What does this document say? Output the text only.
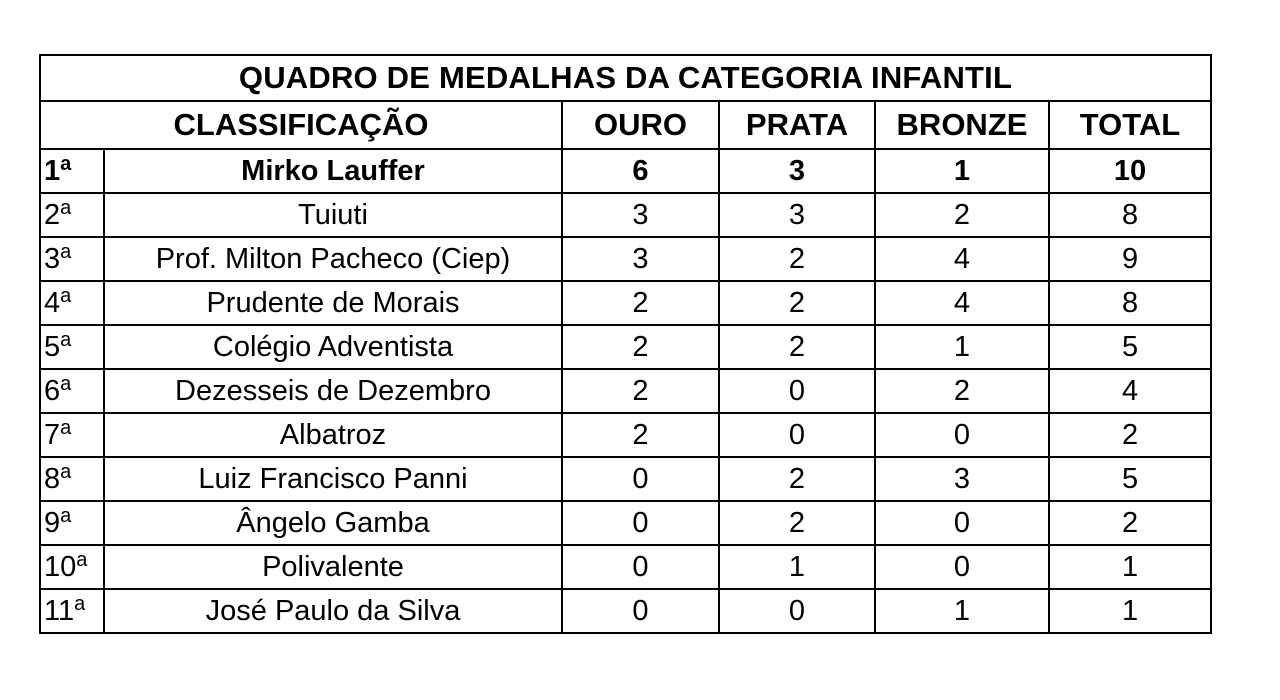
QUADRO DE MEDALHAS DA CATEGORIA INFANTIL					
CLASSIFICAÇÃO		OURO	PRATA	BRONZE	TOTAL
1$^a$	Mirko Lauffer	6	3	1	10
2$^a$	Tuiuti	3	3	2	8
3$^a$	Prof. Milton Pacheco (Ciep)	3	2	4	9
4$^a$	Prudente de Morais	2	2	4	8
5$^a$	Colégio Adventista	2	2	1	5
6$^a$	Dezesseis de Dezembro	2	0	2	4
7$^a$	Albatroz	2	0	0	2
8$^a$	Luiz Francisco Panni	0	2	3	5
9$^a$	Ângelo Gamba	0	2	0	2
10$^a$	Polivalente	0	1	0	1
11$^a$	José Paulo da Silva	0	0	1	1
